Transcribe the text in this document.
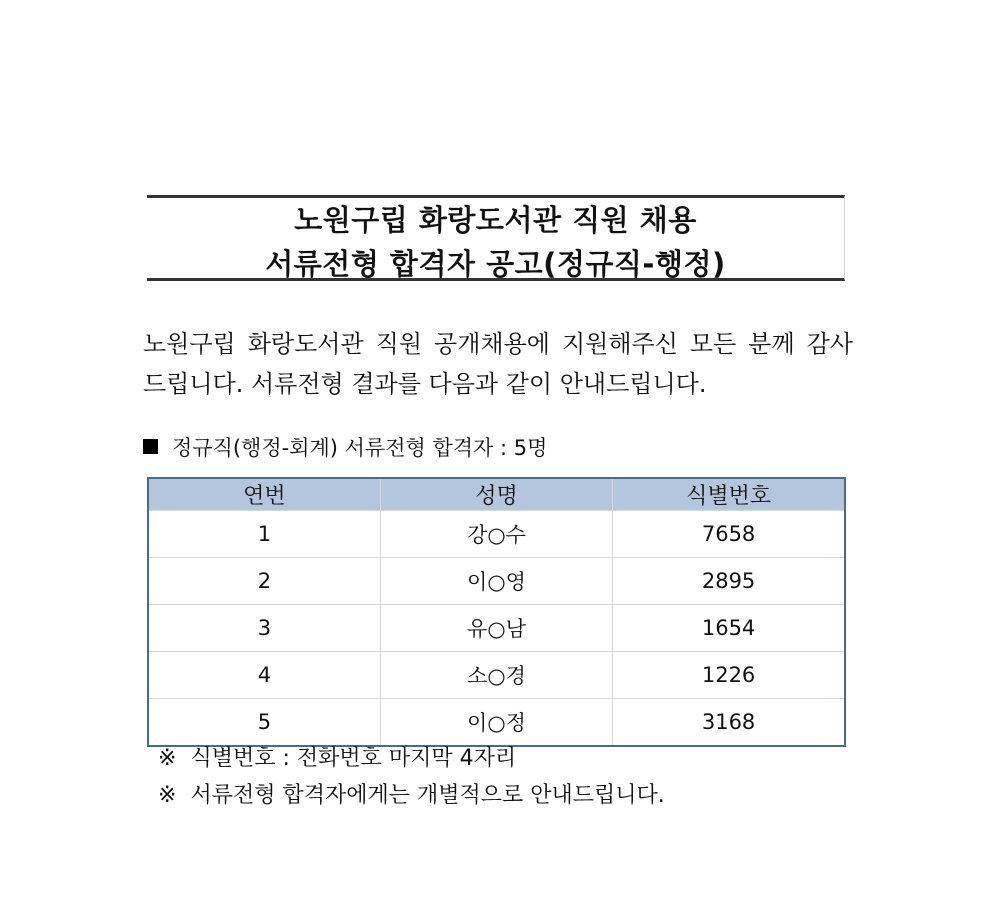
노원구립 화랑도서관 직원 채용
서류전형 합격자 공고(정규직-행정)
노원구립 화랑도서관 직원 공개채용에 지원해주신 모든 분께 감사
드립니다. 서류전형 결과를 다음과 같이 안내드립니다.
정규직(행정-회계) 서류전형 합격자 : 5명
연번	성명	식별번호
1	강○수	7658
2	이○영	2895
3	유○남	1654
4	소○경	1226
5	이○정	3168
※ 식별번호 : 전화번호 마지막 4자리
※ 서류전형 합격자에게는 개별적으로 안내드립니다.
